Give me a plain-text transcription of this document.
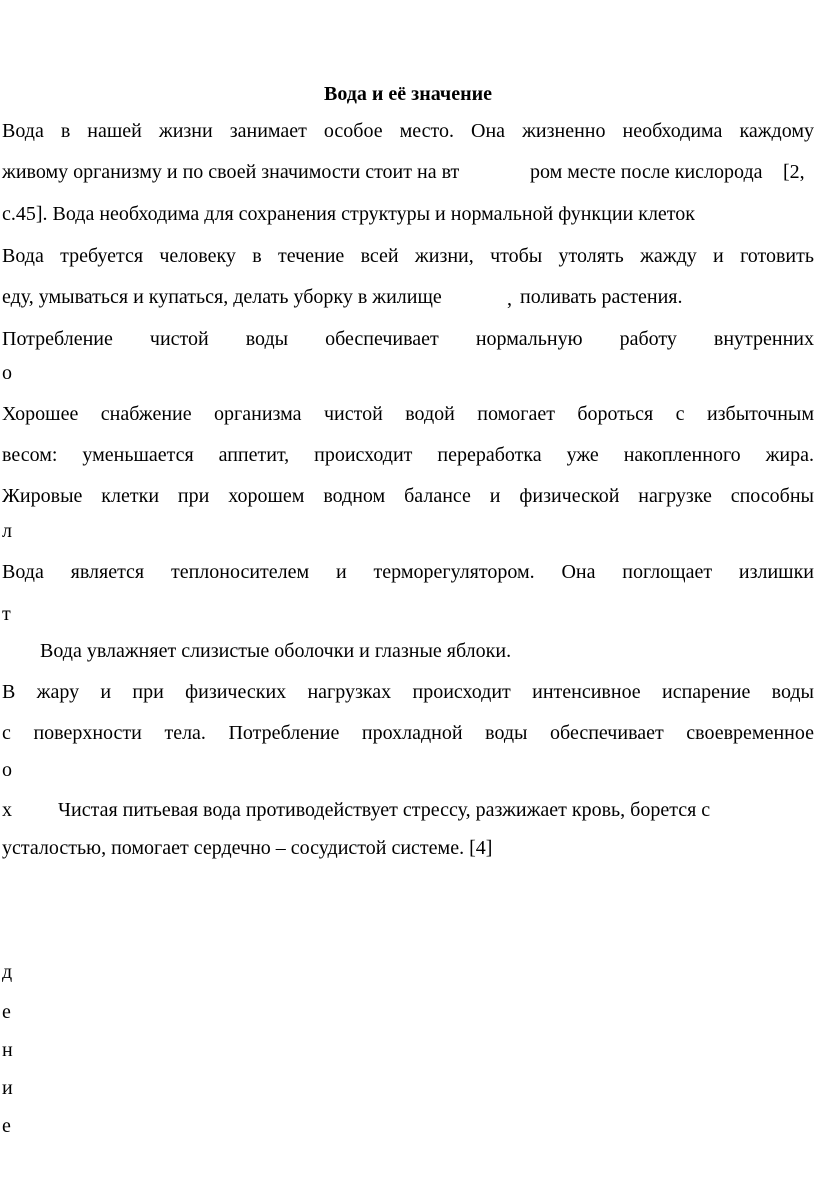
Вода и её значение
Вода в нашей жизни занимает особое место. Она жизненно необходима каждому
живому организму и по своей значимости стоит на вт	ром месте после кислорода [2,
с.45]. Вода необходима для сохранения структуры и нормальной функции клеток
Вода требуется человеку в течение всей жизни, чтобы утолять жажду и готовить
еду, умываться и купаться, делать уборку в жилище	, поливать растения.
Потребление чистой воды обеспечивает нормальную работу внутренних
о
Хорошее снабжение организма чистой водой помогает бороться с избыточным
весом: уменьшается аппетит, происходит переработка уже накопленного жира.
Жировые клетки при хорошем водном балансе и физической нагрузке способны
л
Вода является теплоносителем и терморегулятором. Она поглощает излишки
т
Вода увлажняет слизистые оболочки и глазные яблоки.
В жару и при физических нагрузках происходит интенсивное испарение воды
с поверхности тела. Потребление прохладной воды обеспечивает своевременное
о
х Чистая питьевая вода противодействует стрессу, разжижает кровь, борется с
усталостью, помогает сердечно – сосудистой системе. [4]
д
е
н
и
е
